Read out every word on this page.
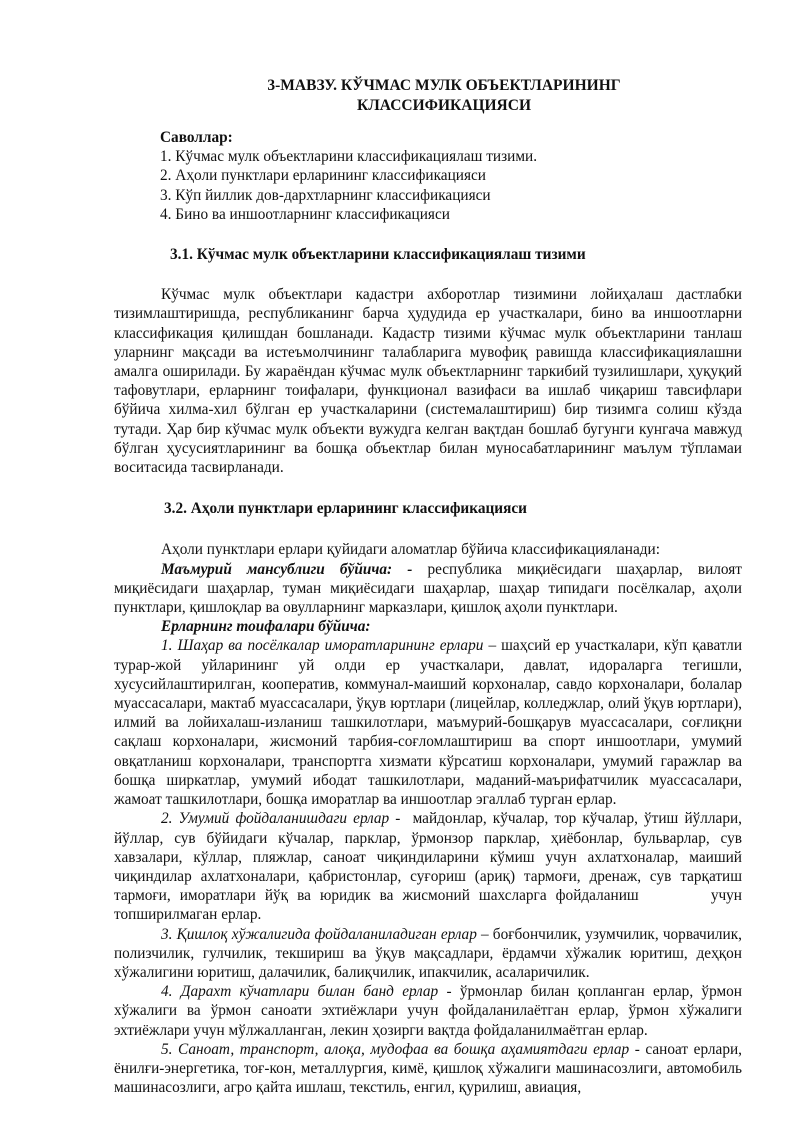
3-МАВЗУ. КЎЧМАС МУЛК ОБЪЕКТЛАРИНИНГ
КЛАССИФИКАЦИЯСИ
Саволлар:
1. Кўчмас мулк объектларини классификациялаш тизими.
2. Аҳоли пунктлари ерларининг классификацияси
3. Кўп йиллик дов-дархтларнинг классификацияси
4. Бино ва иншоотларнинг классификацияси
3.1. Кўчмас мулк объектларини классификациялаш тизими

Кўчмас мулк объектлари кадастри ахборотлар тизимини лойиҳалаш дастлабки тизимлаштиришда, республиканинг барча ҳудудида ер участкалари, бино ва иншоотларни классификация қилишдан бошланади. Кадастр тизими кўчмас мулк объектларини танлаш уларнинг мақсади ва истеъмолчининг талабларига мувофиқ равишда классификациялашни амалга оширилади. Бу жараёндан кўчмас мулк объектларнинг таркибий тузилишлари, ҳуқуқий тафовутлари, ерларнинг тоифалари, функционал вазифаси ва ишлаб чиқариш тавсифлари бўйича хилма-хил бўлган ер участкаларини (системалаштириш) бир тизимга солиш кўзда тутади. Ҳар бир кўчмас мулк объекти вужудга келган вақтдан бошлаб бугунги кунгача мавжуд бўлган ҳусусиятларининг ва бошқа объектлар билан муносабатларининг маълум тўпламаи воситасида тасвирланади.

3.2. Аҳоли пунктлари ерларининг классификацияси
Аҳоли пунктлари ерлари қуйидаги аломатлар бўйича классификацияланади:

Маъмурий мансублиги бўйича: - республика миқиёсидаги шаҳарлар, вилоят миқиёсидаги шаҳарлар, туман миқиёсидаги шаҳарлар, шаҳар типидаги посёлкалар, аҳоли пунктлари, қишлоқлар ва овулларнинг марказлари, қишлоқ аҳоли пунктлари.

Ерларнинг тоифалари бўйича:

1. Шаҳар ва посёлкалар иморатларининг ерлари – шаҳсий ер участкалари, кўп қаватли турар-жой уйларининг уй олди ер участкалари, давлат, идораларга тегишли, хусусийлаштирилган, кооператив, коммунал-маиший корхоналар, савдо корхоналари, болалар муассасалари, мактаб муассасалари, ўқув юртлари (лицейлар, колледжлар, олий ўқув юртлари), илмий ва лойихалаш-изланиш ташкилотлари, маъмурий-бошқарув муассасалари, соғлиқни сақлаш корхоналари, жисмоний тарбия-соғломлаштириш ва спорт иншоотлари, умумий овқатланиш корхоналари, транспортга хизмати кўрсатиш корхоналари, умумий гаражлар ва бошқа ширкатлар, умумий ибодат ташкилотлари, маданий-маърифатчилик муассасалари, жамоат ташкилотлари, бошқа иморатлар ва иншоотлар эгаллаб турган ерлар.

2. Умумий фойдаланишдаги ерлар -  майдонлар, кўчалар, тор кўчалар, ўтиш йўллари, йўллар, сув бўйидаги кўчалар, парклар, ўрмонзор парклар, ҳиёбонлар, бульварлар, сув хавзалари, кўллар, пляжлар, саноат чиқиндиларини кўмиш учун ахлатхоналар, маиший чиқиндилар ахлатхоналари, қабристонлар, суғориш (ариқ) тармоғи, дренаж, сув тарқатиш тармоғи, иморатлари йўқ ва юридик ва жисмоний шахсларга фойдаланиш        учун топширилмаган ерлар.

3. Қишлоқ хўжалигида фойдаланиладиган ерлар – боғбончилик, узумчилик, чорвачилик, полизчилик, гулчилик, текшириш ва ўқув мақсадлари, ёрдамчи хўжалик юритиш, деҳқон хўжалигини юритиш, далачилик, балиқчилик, ипакчилик, асаларичилик.

4. Дарахт кўчатлари билан банд ерлар - ўрмонлар билан қопланган ерлар, ўрмон хўжалиги ва ўрмон саноати эхтиёжлари учун фойдаланилаётган ерлар, ўрмон хўжалиги эхтиёжлари учун мўлжалланган, лекин ҳозирги вақтда фойдаланилмаётган ерлар.

5. Саноат, транспорт, алоқа, мудофаа ва бошқа аҳамиятдаги ерлар - саноат ерлари, ёнилғи-энергетика, тоғ-кон, металлургия, кимё, қишлоқ хўжалиги машинасозлиги, автомобиль машинасозлиги, агро қайта ишлаш, текстиль, енгил, қурилиш, авиация,
